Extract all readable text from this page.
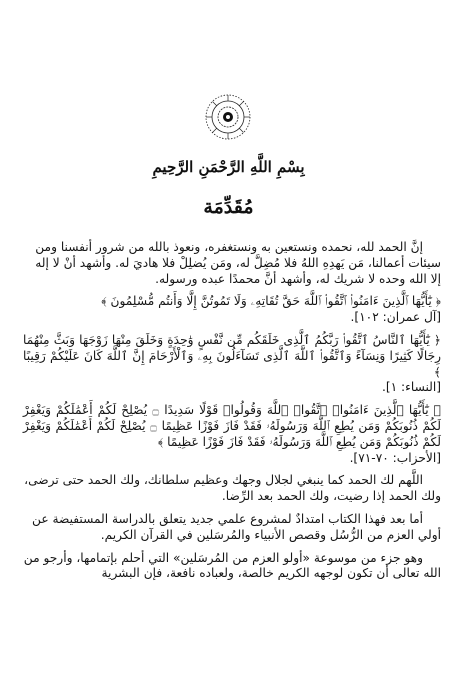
بِسْمِ اللَّهِ الرَّحْمَنِ الرَّحِيمِ
مُقَدِّمَة

إنَّ الحمد لله، نحمده ونستعين به ونستغفره، ونعوذ بالله من شرور أنفسنا ومن سيئات أعمالنا، مَن يَهدِهِ اللهُ فلا مُضِلَّ له، ومَن يُضلِلْ فلا هاديَ له. وأشهد أنْ لا إله إلا الله وحده لا شريك له، وأشهد أنَّ محمدًا عبده ورسوله.

﴿ يَٰٓأَيُّهَا ٱلَّذِينَ ءَامَنُوا۟ ٱتَّقُوا۟ ٱللَّهَ حَقَّ تُقَاتِهِۦ وَلَا تَمُوتُنَّ إِلَّا وَأَنتُم مُّسْلِمُونَ ﴾

[آل عمران: ١٠٢].

﴿ يَٰٓأَيُّهَا ٱلنَّاسُ ٱتَّقُوا۟ رَبَّكُمُ ٱلَّذِى خَلَقَكُم مِّن نَّفْسٍ وَٰحِدَةٍ وَخَلَقَ مِنْهَا زَوْجَهَا وَبَثَّ مِنْهُمَا رِجَالًا كَثِيرًا وَنِسَآءً وَٱتَّقُوا۟ ٱللَّهَ ٱلَّذِى تَسَآءَلُونَ بِهِۦ وَٱلْأَرْحَامَ إِنَّ ٱللَّهَ كَانَ عَلَيْكُمْ رَقِيبًا ﴾

[النساء: ١].

﴿ يَٰٓأَيُّهَا ٱلَّذِينَ ءَامَنُوا۟ ٱتَّقُوا۟ ٱللَّهَ وَقُولُوا۟ قَوْلًا سَدِيدًا ۝ يُصْلِحْ لَكُمْ أَعْمَٰلَكُمْ وَيَغْفِرْ لَكُمْ ذُنُوبَكُمْ وَمَن يُطِعِ ٱللَّهَ وَرَسُولَهُۥ فَقَدْ فَازَ فَوْزًا عَظِيمًا ۝ يُصْلِحْ لَكُمْ أَعْمَٰلَكُمْ وَيَغْفِرْ لَكُمْ ذُنُوبَكُمْ وَمَن يُطِعِ ٱللَّهَ وَرَسُولَهُۥ فَقَدْ فَازَ فَوْزًا عَظِيمًا ﴾

[الأحزاب: ٧٠-٧١].

اللَّهم لك الحمد كما ينبغي لجلال وجهك وعظيم سلطانك، ولك الحمد حتى ترضى، ولك الحمد إذا رضيت، ولك الحمد بعد الرِّضا.

أما بعد فهذا الكتاب امتدادٌ لمشروع علمي جديد يتعلق بالدراسة المستفيضة عن أولي العزم من الرُّسُل وقصص الأنبياء والمُرسَلين في القرآن الكريم.

وهو جزء من موسوعة «أولو العزم من المُرسَلين» التي أحلم بإتمامها، وأرجو من الله تعالى أن تكون لوجهه الكريم خالصة، ولعباده نافعة، فإن البشرية
